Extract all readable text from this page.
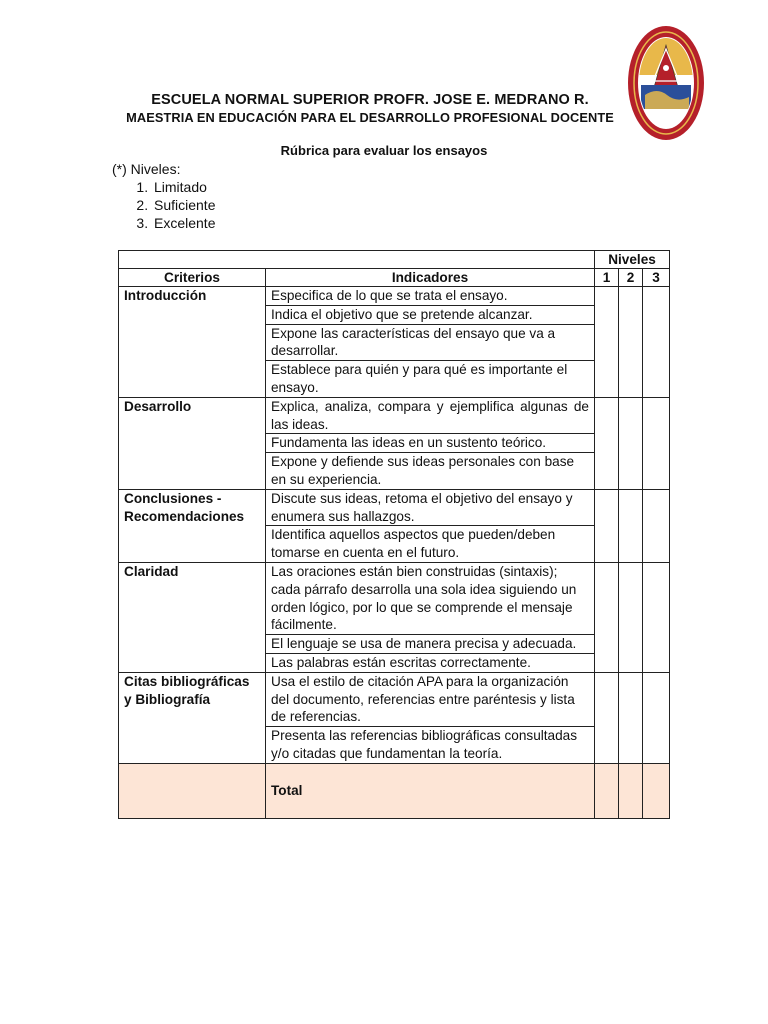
ESCUELA NORMAL SUPERIOR PROFR. JOSE E. MEDRANO R.
MAESTRIA EN EDUCACIÓN PARA EL DESARROLLO PROFESIONAL DOCENTE
Rúbrica para evaluar los ensayos
(*) Niveles:
1. Limitado
2. Suficiente
3. Excelente
		Niveles		
Criterios	Indicadores	1	2	3
Introducción	Especifica de lo que se trata el ensayo.			
	Indica el objetivo que se pretende alcanzar.			
	Expone las características del ensayo que va a desarrollar.			
	Establece para quién y para qué es importante el ensayo.			
Desarrollo	Explica, analiza, compara y ejemplifica algunas de las ideas.			
	Fundamenta las ideas en un sustento teórico.			
	Expone y defiende sus ideas personales con base en su experiencia.			
Conclusiones - Recomendaciones	Discute sus ideas, retoma el objetivo del ensayo y enumera sus hallazgos.			
	Identifica aquellos aspectos que pueden/deben tomarse en cuenta en el futuro.			
Claridad	Las oraciones están bien construidas (sintaxis); cada párrafo desarrolla una sola idea siguiendo un orden lógico, por lo que se comprende el mensaje fácilmente.			
	El lenguaje se usa de manera precisa y adecuada.			
	Las palabras están escritas correctamente.			
Citas bibliográficas y Bibliografía	Usa el estilo de citación APA para la organización del documento, referencias entre paréntesis y lista de referencias.			
	Presenta las referencias bibliográficas consultadas y/o citadas que fundamentan la teoría.			
	Total			
